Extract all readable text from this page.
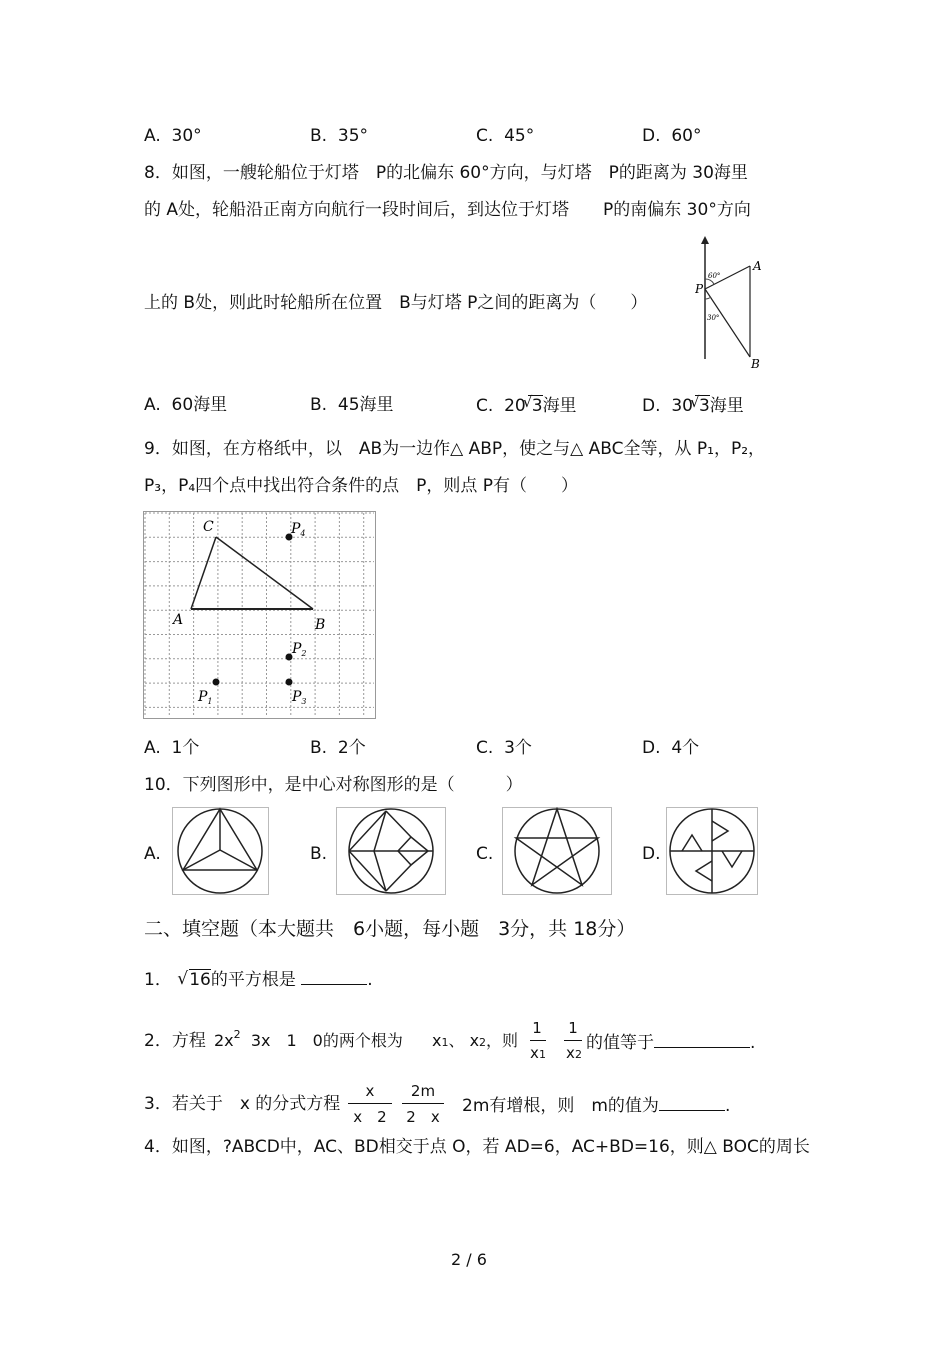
A. 30°	B. 35°	C. 45°	D. 60°
8．如图，一艘轮船位于灯塔　P的北偏东 60°方向，与灯塔　P的距离为 30海里
的 A处，轮船沿正南方向航行一段时间后，到达位于灯塔　　P的南偏东 30°方向
上的 B处，则此时轮船所在位置　B与灯塔 P之间的距离为（　　）
A
B
P
60°
30°
A. 60海里	B. 45海里	C. 20
√ 3海里	D. 30
√ 3海里
9．如图，在方格纸中，以　AB为一边作△ ABP，使之与△ ABC全等，从 P₁，P₂，
P₃，P₄四个点中找出符合条件的点　P，则点 P有（　　）
A	B
C	$P_4$
$P_2$
$P_1$	$P_3$
A. 1个	B. 2个	C. 3个	D. 4个
10．下列图形中，是中心对称图形的是（　　　）
A.	B.	C.	D.
二、填空题（本大题共　6小题，每小题　3分，共 18分）
1． √ 16的平方根是	.
2．方程 $2x^2$ 3x　1　0的两个根为 x1、 x2，则
1
x1
1
x2
的值等于	.
3．若关于　x 的分式方程
x
x　2
2m
2　x
2m有增根，则　m的值为	.
4．如图，?ABCD中，AC、BD相交于点 O，若 AD=6，AC+BD=16，则△ BOC的周长
2 / 6
